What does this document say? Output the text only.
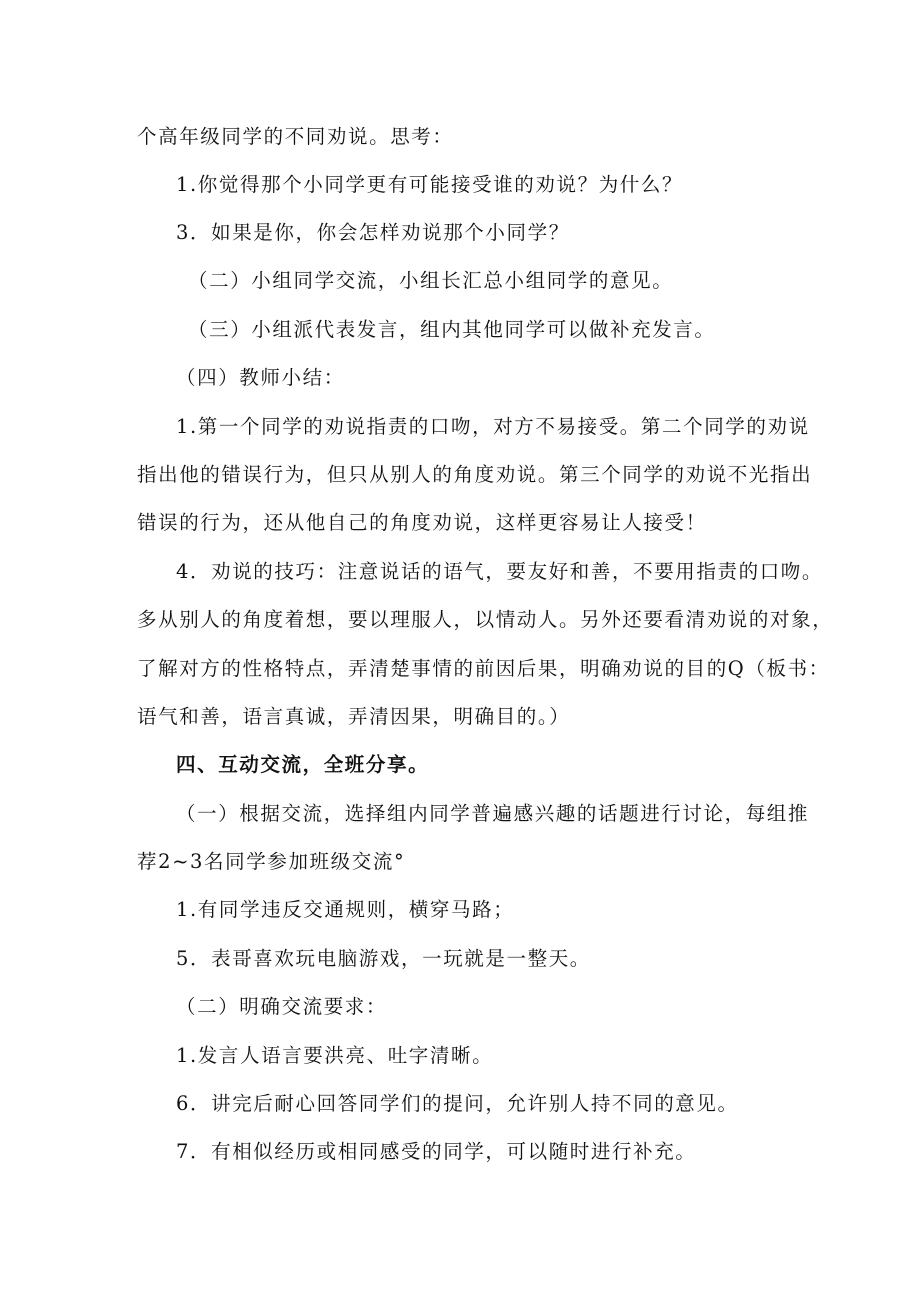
个高年级同学的不同劝说。思考：
1.你觉得那个小同学更有可能接受谁的劝说？为什么？
3．如果是你，你会怎样劝说那个小同学？
（二）小组同学交流，小组长汇总小组同学的意见。
（三）小组派代表发言，组内其他同学可以做补充发言。
（四）教师小结：
1.第一个同学的劝说指责的口吻，对方不易接受。第二个同学的劝说
指出他的错误行为，但只从别人的角度劝说。第三个同学的劝说不光指出
错误的行为，还从他自己的角度劝说，这样更容易让人接受！
4．劝说的技巧：注意说话的语气，要友好和善，不要用指责的口吻。
多从别人的角度着想，要以理服人，以情动人。另外还要看清劝说的对象，
了解对方的性格特点，弄清楚事情的前因后果，明确劝说的目的Q（板书：
语气和善，语言真诚，弄清因果，明确目的。）
四、互动交流，全班分享。
（一）根据交流，选择组内同学普遍感兴趣的话题进行讨论，每组推
荐2~3名同学参加班级交流°
1.有同学违反交通规则，横穿马路；
5．表哥喜欢玩电脑游戏，一玩就是一整天。
（二）明确交流要求：
1.发言人语言要洪亮、吐字清晰。
6．讲完后耐心回答同学们的提问，允许别人持不同的意见。
7．有相似经历或相同感受的同学，可以随时进行补充。
